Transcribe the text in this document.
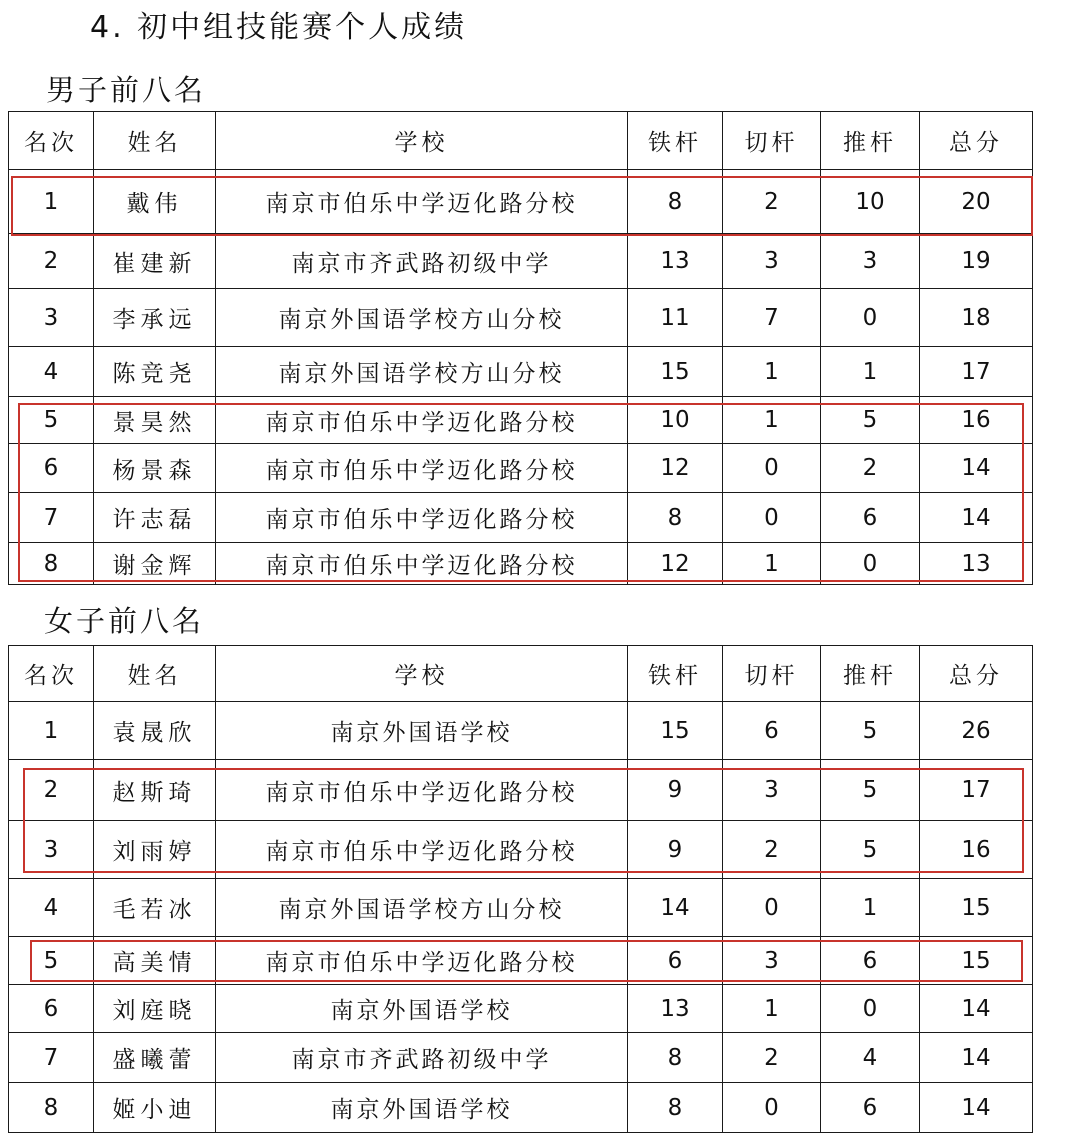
4. 初中组技能赛个人成绩
男子前八名
名次	姓名	学校	铁杆	切杆	推杆	总分
1	戴伟	南京市伯乐中学迈化路分校	8	2	10	20
2	崔建新	南京市齐武路初级中学	13	3	3	19
3	李承远	南京外国语学校方山分校	11	7	0	18
4	陈竞尧	南京外国语学校方山分校	15	1	1	17
5	景昊然	南京市伯乐中学迈化路分校	10	1	5	16
6	杨景森	南京市伯乐中学迈化路分校	12	0	2	14
7	许志磊	南京市伯乐中学迈化路分校	8	0	6	14
8	谢金辉	南京市伯乐中学迈化路分校	12	1	0	13
女子前八名
名次	姓名	学校	铁杆	切杆	推杆	总分
1	袁晟欣	南京外国语学校	15	6	5	26
2	赵斯琦	南京市伯乐中学迈化路分校	9	3	5	17
3	刘雨婷	南京市伯乐中学迈化路分校	9	2	5	16
4	毛若冰	南京外国语学校方山分校	14	0	1	15
5	高美情	南京市伯乐中学迈化路分校	6	3	6	15
6	刘庭晓	南京外国语学校	13	1	0	14
7	盛曦蕾	南京市齐武路初级中学	8	2	4	14
8	姬小迪	南京外国语学校	8	0	6	14
